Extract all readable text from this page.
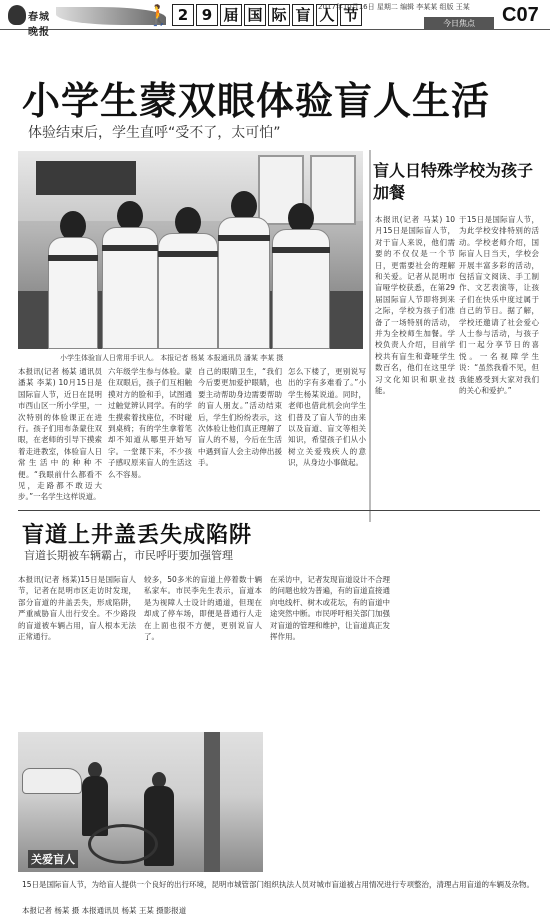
春城晚报
🚶 2 9 届 国 际 盲 人 节
2017年10月16日 星期二 编辑 李某某 组版 王某
今日焦点	C07
小学生蒙双眼体验盲人生活
体验结束后，学生直呼“受不了，太可怕”
小学生体验盲人日常用手识人。 本报记者 杨某 本报通讯员 潘某 李某 摄
本报讯(记者 杨某 通讯员 潘某 李某) 10月15日是国际盲人节，近日在昆明市西山区一所小学里，一次特别的体验课正在进行。孩子们用布条蒙住双眼，在老师的引导下摸索着走进教室，体验盲人日常生活中的种种不便。“我眼前什么都看不见，走路都不敢迈大步。”一名学生这样说道。
六年级学生参与体验。蒙住双眼后，孩子们互相触摸对方的脸和手，试图通过触觉辨认同学。有的学生摸索着找座位，不时碰到桌椅；有的学生拿着笔却不知道从哪里开始写字。一堂课下来，不少孩子感叹原来盲人的生活这么不容易。
自己的眼睛卫生，“我们今后要更加爱护眼睛，也要主动帮助身边需要帮助的盲人朋友。”活动结束后，学生们纷纷表示，这次体验让他们真正理解了盲人的不易，今后在生活中遇到盲人会主动伸出援手。
怎么下楼了，更别说写出的字有多难看了。”小学生杨某说道。同时，老师也借此机会向学生们普及了盲人节的由来以及盲道、盲文等相关知识，希望孩子们从小树立关爱残疾人的意识，从身边小事做起。
盲人日特殊学校为孩子加餐
本报讯(记者 马某) 10月15日是国际盲人节，对于盲人来说，他们需要的不仅仅是一个节日，更需要社会的理解和关爱。记者从昆明市盲哑学校获悉，在第29届国际盲人节即将到来之际，学校为孩子们准备了一场特别的活动，并为全校师生加餐。学校负责人介绍，目前学校共有盲生和聋哑学生数百名，他们在这里学习文化知识和职业技能。
于15日是国际盲人节，为此学校安排特别的活动。学校老师介绍，国际盲人日当天，学校会开展丰富多彩的活动，包括盲文阅读、手工制作、文艺表演等，让孩子们在快乐中度过属于自己的节日。据了解，学校还邀请了社会爱心人士参与活动，与孩子们一起分享节日的喜悦。一名视障学生说：“虽然我看不见，但我能感受到大家对我们的关心和爱护。”
盲道上井盖丢失成陷阱
盲道长期被车辆霸占，市民呼吁要加强管理
本报讯(记者 杨某)15日是国际盲人节，记者在昆明市区走访时发现，部分盲道的井盖丢失，形成陷阱，严重威胁盲人出行安全。不少路段的盲道被车辆占用，盲人根本无法正常通行。
较多，50多米的盲道上停着数十辆私家车。市民李先生表示，盲道本是为视障人士设计的通道，但现在却成了停车场，即便是普通行人走在上面也很不方便，更别说盲人了。
在采访中，记者发现盲道设计不合理的问题也较为普遍，有的盲道直接通向电线杆、树木或花坛，有的盲道中途突然中断。市民呼吁相关部门加强对盲道的管理和维护，让盲道真正发挥作用。
关爱盲人
15日是国际盲人节，为给盲人提供一个良好的出行环境，昆明市城管部门组织执法人员对城市盲道被占用情况进行专项整治，清理占用盲道的车辆及杂物。
本报记者 杨某 摄 本报通讯员 杨某 王某 摄影报道
